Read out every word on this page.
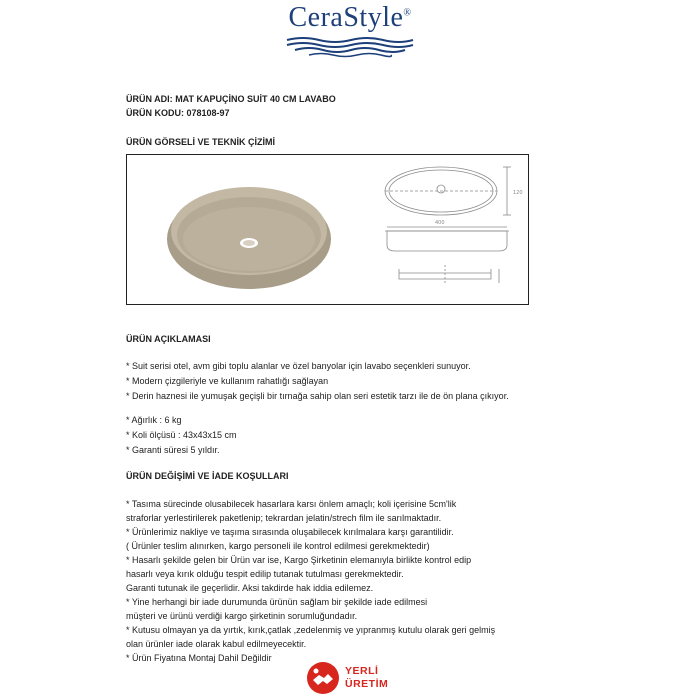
CeraStyle®
ÜRÜN ADI: MAT KAPUÇİNO SUİT 40 CM LAVABO
ÜRÜN KODU: 078108-97
ÜRÜN GÖRSELİ VE TEKNİK ÇİZİMİ
400
120
ÜRÜN AÇIKLAMASI
* Suit serisi otel, avm gibi toplu alanlar ve özel banyolar için lavabo seçenkleri sunuyor.
* Modern çizgileriyle ve kullanım rahatlığı sağlayan
* Derin haznesi ile yumuşak geçişli bir tırnağa sahip olan seri estetik tarzı ile de ön plana çıkıyor.
* Ağırlık : 6 kg
* Koli ölçüsü : 43x43x15 cm
* Garanti süresi 5 yıldır.
ÜRÜN DEĞİŞİMİ VE İADE KOŞULLARI
* Tasıma sürecinde olusabilecek hasarlara karsı önlem amaçlı; koli içerisine 5cm'lik
straforlar yerlestirilerek paketlenip; tekrardan jelatin/strech film ile sarılmaktadır.
* Ürünlerimiz nakliye ve taşıma sırasında oluşabilecek kırılmalara karşı garantilidir.
( Ürünler teslim alınırken, kargo personeli ile kontrol edilmesi gerekmektedir)
* Hasarlı şekilde gelen bir Ürün var ise, Kargo Şirketinin elemanıyla birlikte kontrol edip
hasarlı veya kırık olduğu tespit edilip tutanak tutulması gerekmektedir.
Garanti tutunak ile geçerlidir. Aksi takdirde hak iddia edilemez.
* Yine herhangi bir iade durumunda ürünün sağlam bir şekilde iade edilmesi
müşteri ve ürünü verdiği kargo şirketinin sorumluğundadır.
* Kutusu olmayan ya da yırtık, kırık,çatlak ,zedelenmiş ve yıpranmış kutulu olarak geri gelmiş
olan ürünler iade olarak kabul edilmeyecektir.
* Ürün Fiyatına Montaj Dahil Değildir
YERLİ
ÜRETİM
